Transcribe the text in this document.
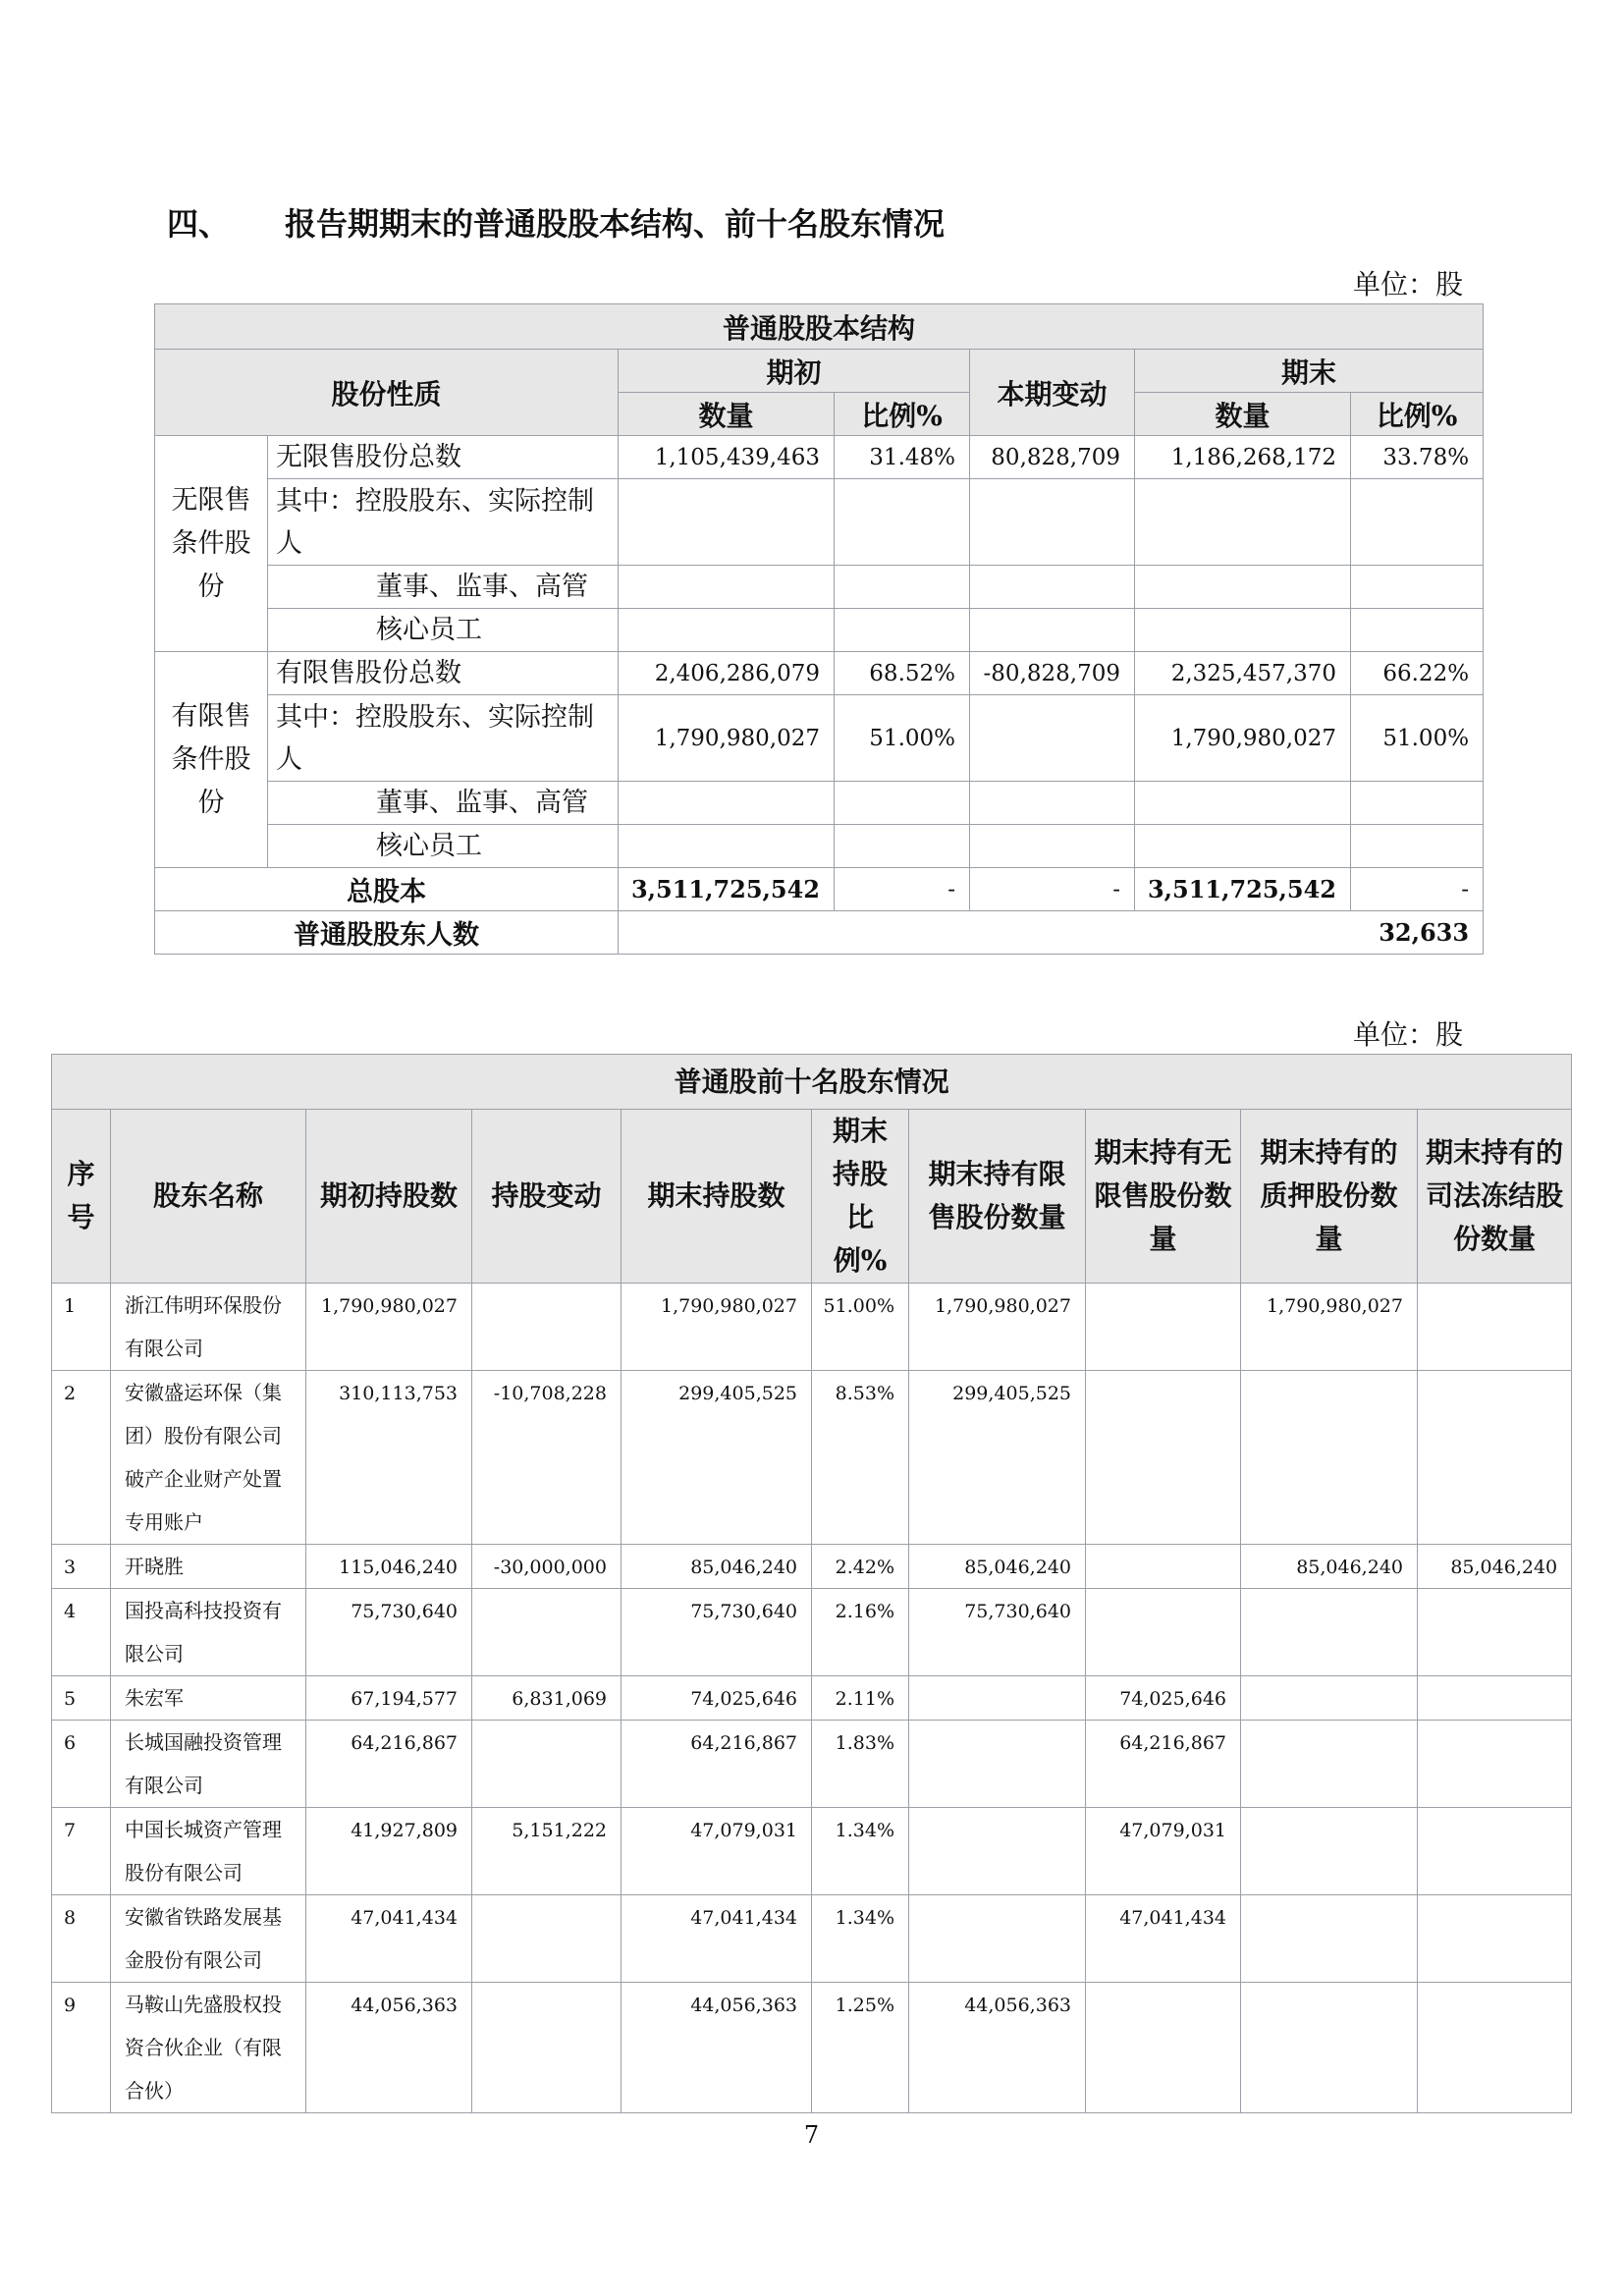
四、 报告期期末的普通股股本结构、前十名股东情况
单位：股
普通股股本结构						
股份性质		期初		本期变动	期末	
		数量	比例%		数量	比例%
无限售条件股份	无限售股份总数	1,105,439,463	31.48%	80,828,709	1,186,268,172	33.78%
	其中：控股股东、实际控制人					
	董事、监事、高管					
	核心员工					
有限售条件股份	有限售股份总数	2,406,286,079	68.52%	-80,828,709	2,325,457,370	66.22%
	其中：控股股东、实际控制人	1,790,980,027	51.00%		1,790,980,027	51.00%
	董事、监事、高管					
	核心员工					
总股本		3,511,725,542	-	-	3,511,725,542	-
普通股股东人数		32,633				
单位：股
普通股前十名股东情况									
序号	股东名称	期初持股数	持股变动	期末持股数	期末持股比例%	期末持有限售股份数量	期末持有无限售股份数量	期末持有的质押股份数量	期末持有的司法冻结股份数量
1	浙江伟明环保股份有限公司	1,790,980,027		1,790,980,027	51.00%	1,790,980,027		1,790,980,027	
2	安徽盛运环保（集团）股份有限公司破产企业财产处置专用账户	310,113,753	-10,708,228	299,405,525	8.53%	299,405,525			
3	开晓胜	115,046,240	-30,000,000	85,046,240	2.42%	85,046,240		85,046,240	85,046,240
4	国投高科技投资有限公司	75,730,640		75,730,640	2.16%	75,730,640			
5	朱宏军	67,194,577	6,831,069	74,025,646	2.11%		74,025,646		
6	长城国融投资管理有限公司	64,216,867		64,216,867	1.83%		64,216,867		
7	中国长城资产管理股份有限公司	41,927,809	5,151,222	47,079,031	1.34%		47,079,031		
8	安徽省铁路发展基金股份有限公司	47,041,434		47,041,434	1.34%		47,041,434		
9	马鞍山先盛股权投资合伙企业（有限合伙）	44,056,363		44,056,363	1.25%	44,056,363			
7
